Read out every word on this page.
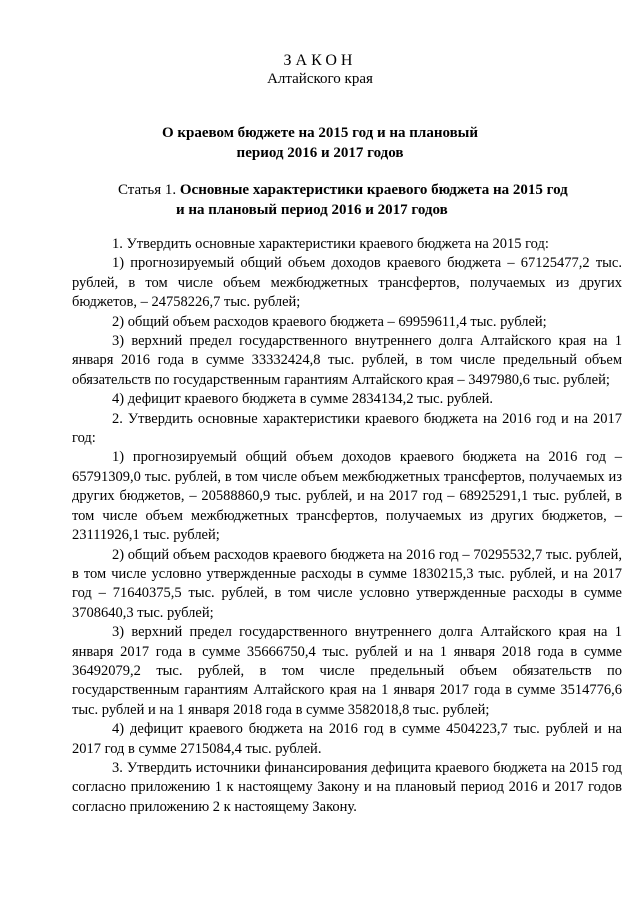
ЗАКОН
Алтайского края
О краевом бюджете на 2015 год и на плановый
период 2016 и 2017 годов
Статья 1. Основные характеристики краевого бюджета на 2015 год
и на плановый период 2016 и 2017 годов

1. Утвердить основные характеристики краевого бюджета на 2015 год:

1) прогнозируемый общий объем доходов краевого бюджета – 67125477,2 тыс. рублей, в том числе объем межбюджетных трансфертов, получаемых из других бюджетов, – 24758226,7 тыс. рублей;

2) общий объем расходов краевого бюджета – 69959611,4 тыс. рублей;

3) верхний предел государственного внутреннего долга Алтайского края на 1 января 2016 года в сумме 33332424,8 тыс. рублей, в том числе предельный объем обязательств по государственным гарантиям Алтайского края – 3497980,6 тыс. рублей;

4) дефицит краевого бюджета в сумме 2834134,2 тыс. рублей.

2. Утвердить основные характеристики краевого бюджета на 2016 год и на 2017 год:

1) прогнозируемый общий объем доходов краевого бюджета на 2016 год – 65791309,0 тыс. рублей, в том числе объем межбюджетных трансфертов, получаемых из других бюджетов, – 20588860,9 тыс. рублей, и на 2017 год – 68925291,1 тыс. рублей, в том числе объем межбюджетных трансфертов, получаемых из других бюджетов, – 23111926,1 тыс. рублей;

2) общий объем расходов краевого бюджета на 2016 год – 70295532,7 тыс. рублей, в том числе условно утвержденные расходы в сумме 1830215,3 тыс. рублей, и на 2017 год – 71640375,5 тыс. рублей, в том числе условно утвержденные расходы в сумме 3708640,3 тыс. рублей;

3) верхний предел государственного внутреннего долга Алтайского края на 1 января 2017 года в сумме 35666750,4 тыс. рублей и на 1 января 2018 года в сумме 36492079,2 тыс. рублей, в том числе предельный объем обязательств по государственным гарантиям Алтайского края на 1 января 2017 года в сумме 3514776,6 тыс. рублей и на 1 января 2018 года в сумме 3582018,8 тыс. рублей;

4) дефицит краевого бюджета на 2016 год в сумме 4504223,7 тыс. рублей и на 2017 год в сумме 2715084,4 тыс. рублей.

3. Утвердить источники финансирования дефицита краевого бюджета на 2015 год согласно приложению 1 к настоящему Закону и на плановый период 2016 и 2017 годов согласно приложению 2 к настоящему Закону.
